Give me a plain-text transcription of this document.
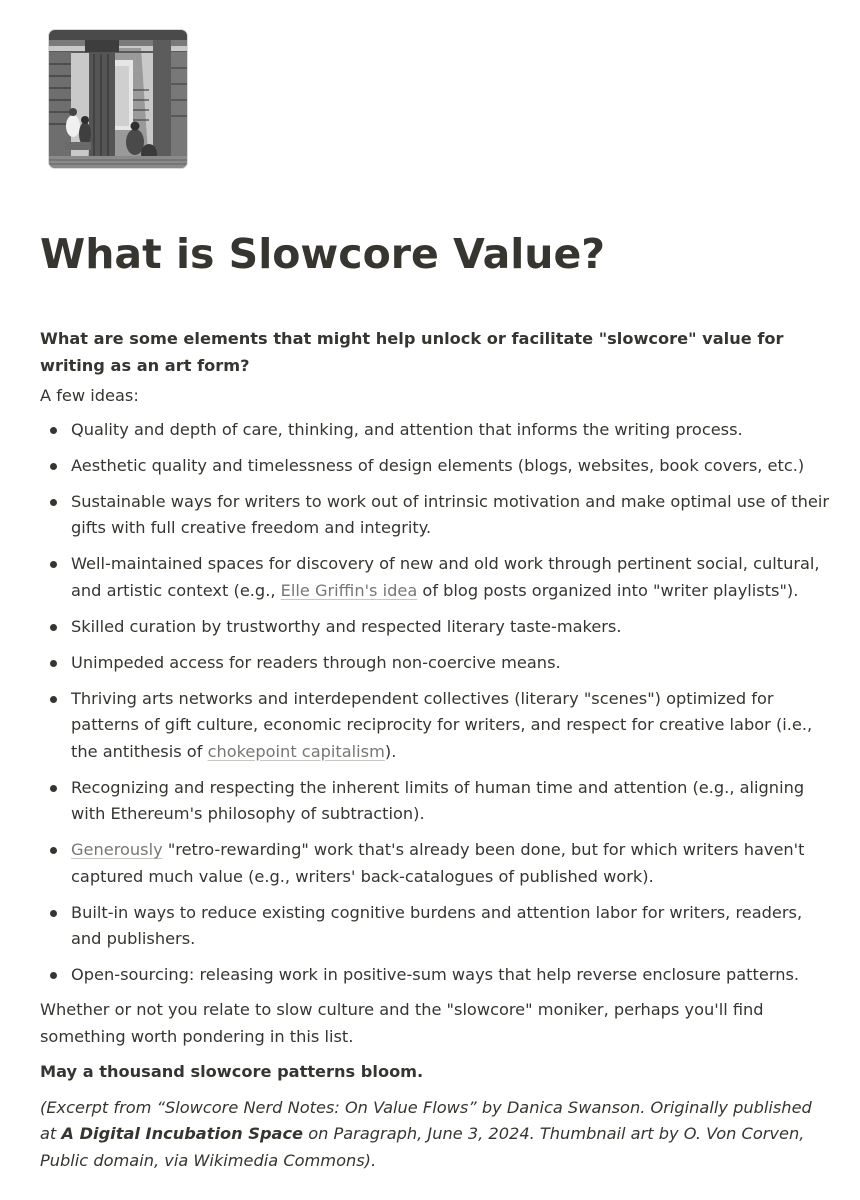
What is Slowcore Value?

What are some elements that might help unlock or facilitate "slowcore" value for writing as an art form?

A few ideas:

Quality and depth of care, thinking, and attention that informs the writing process.
Aesthetic quality and timelessness of design elements (blogs, websites, book covers, etc.)
Sustainable ways for writers to work out of intrinsic motivation and make optimal use of their gifts with full creative freedom and integrity.
Well-maintained spaces for discovery of new and old work through pertinent social, cultural, and artistic context (e.g., Elle Griffin's idea of blog posts organized into "writer playlists").
Skilled curation by trustworthy and respected literary taste-makers.
Unimpeded access for readers through non-coercive means.
Thriving arts networks and interdependent collectives (literary "scenes") optimized for patterns of gift culture, economic reciprocity for writers, and respect for creative labor (i.e., the antithesis of chokepoint capitalism).
Recognizing and respecting the inherent limits of human time and attention (e.g., aligning with Ethereum's philosophy of subtraction).
Generously "retro-rewarding" work that's already been done, but for which writers haven't captured much value (e.g., writers' back-catalogues of published work).
Built-in ways to reduce existing cognitive burdens and attention labor for writers, readers, and publishers.
Open-sourcing: releasing work in positive-sum ways that help reverse enclosure patterns.

Whether or not you relate to slow culture and the "slowcore" moniker, perhaps you'll find something worth pondering in this list.

May a thousand slowcore patterns bloom.

(Excerpt from “Slowcore Nerd Notes: On Value Flows” by Danica Swanson. Originally published at A Digital Incubation Space on Paragraph, June 3, 2024. Thumbnail art by O. Von Corven, Public domain, via Wikimedia Commons).
